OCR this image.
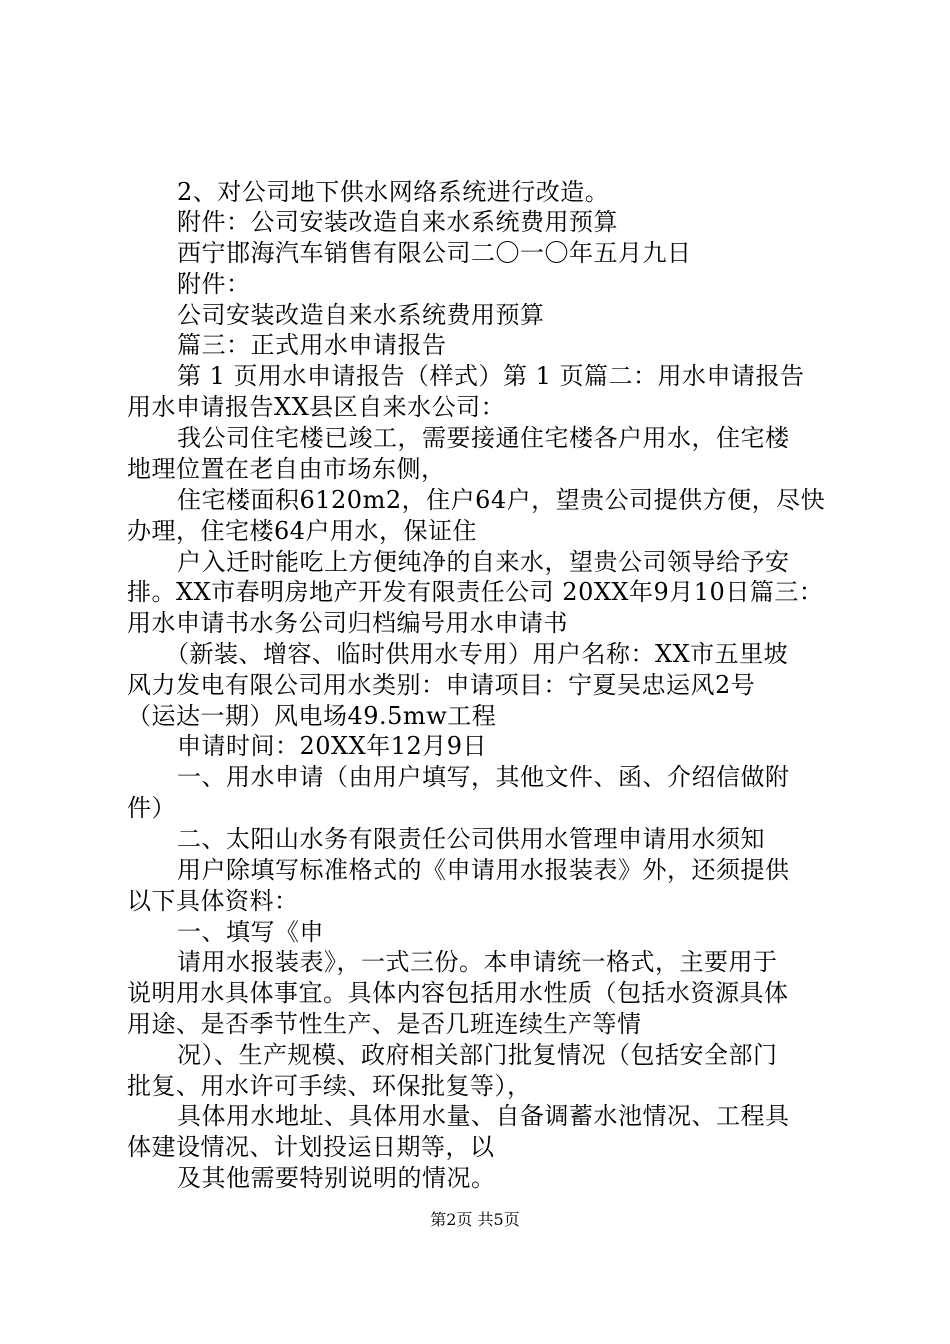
2、对公司地下供水网络系统进行改造。
附件：公司安装改造自来水系统费用预算
西宁邯海汽车销售有限公司二〇一〇年五月九日
附件：
公司安装改造自来水系统费用预算
篇三：正式用水申请报告
第 1 页用水申请报告（样式）第 1 页篇二：用水申请报告
用水申请报告XX县区自来水公司：
我公司住宅楼已竣工，需要接通住宅楼各户用水，住宅楼
地理位置在老自由市场东侧，
住宅楼面积6120m2，住户64户，望贵公司提供方便，尽快
办理，住宅楼64户用水，保证住
户入迁时能吃上方便纯净的自来水，望贵公司领导给予安
排。XX市春明房地产开发有限责任公司 20XX年9月10日篇三：
用水申请书水务公司归档编号用水申请书
（新装、增容、临时供用水专用）用户名称：XX市五里坡
风力发电有限公司用水类别：申请项目：宁夏吴忠运风2号
（运达一期）风电场49.5mw工程
申请时间：20XX年12月9日
一、用水申请（由用户填写，其他文件、函、介绍信做附
件）
二、太阳山水务有限责任公司供用水管理申请用水须知
用户除填写标准格式的《申请用水报装表》外，还须提供
以下具体资料：
一、填写《申
请用水报装表》，一式三份。本申请统一格式，主要用于
说明用水具体事宜。具体内容包括用水性质（包括水资源具体
用途、是否季节性生产、是否几班连续生产等情
况）、生产规模、政府相关部门批复情况（包括安全部门
批复、用水许可手续、环保批复等），
具体用水地址、具体用水量、自备调蓄水池情况、工程具
体建设情况、计划投运日期等，以
及其他需要特别说明的情况。
第2页 共5页
